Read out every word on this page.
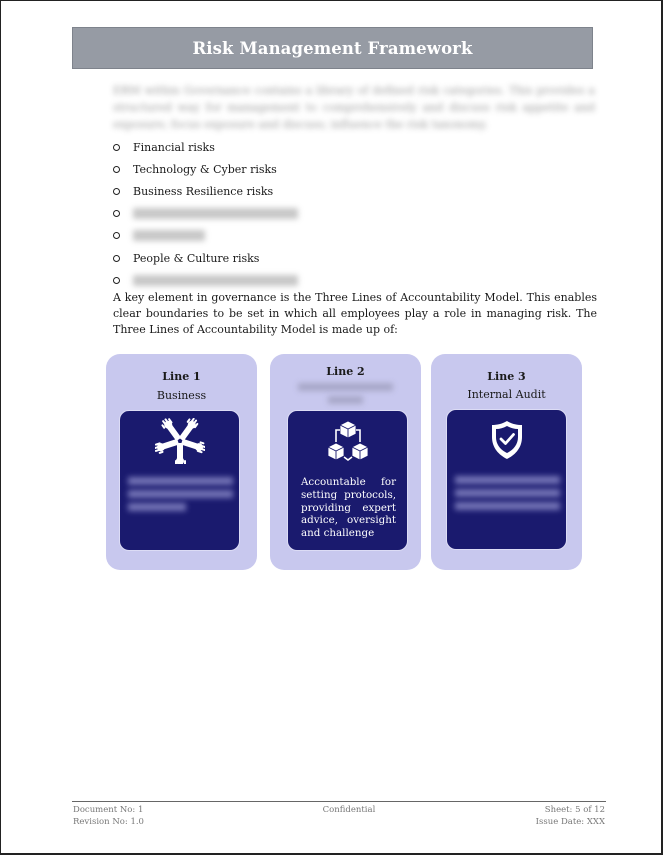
Risk Management Framework
ERM within Governance contains a library of defined risk categories. This provides a structured way for management to comprehensively and discuss risk appetite and exposure; focus exposure and discuss; influence the risk taxonomy.
Financial risks
Technology & Cyber risks
Business Resilience risks
People & Culture risks

A key element in governance is the Three Lines of Accountability Model. This enables clear boundaries to be set in which all employees play a role in managing risk. The Three Lines of Accountability Model is made up of:

Line 1
Business
Line 2
Accountable for setting protocols, providing expert advice, oversight and challenge
Line 3
Internal Audit
Document No: 1
Revision No: 1.0
Confidential	Sheet: 5 of 12
Issue Date: XXX
